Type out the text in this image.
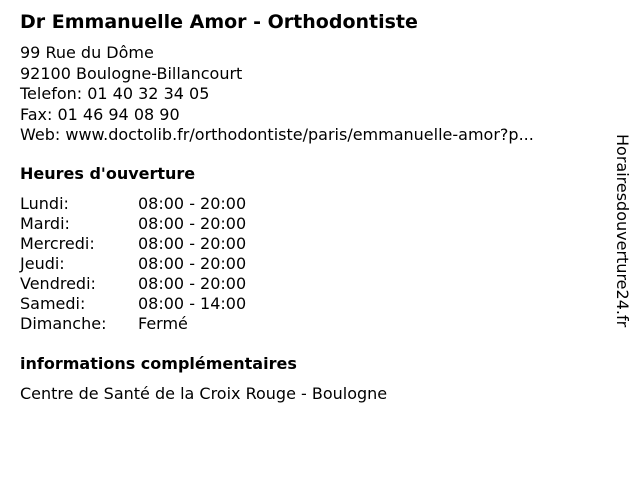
Dr Emmanuelle Amor - Orthodontiste
99 Rue du Dôme
92100 Boulogne-Billancourt
Telefon: 01 40 32 34 05
Fax: 01 46 94 08 90
Web: www.doctolib.fr/orthodontiste/paris/emmanuelle-amor?p...
Heures d'ouverture
Lundi:	08:00 - 20:00
Mardi:	08:00 - 20:00
Mercredi:	08:00 - 20:00
Jeudi:	08:00 - 20:00
Vendredi:	08:00 - 20:00
Samedi:	08:00 - 14:00
Dimanche: Fermé
informations complémentaires
Centre de Santé de la Croix Rouge - Boulogne
Horairesdouverture24.fr
